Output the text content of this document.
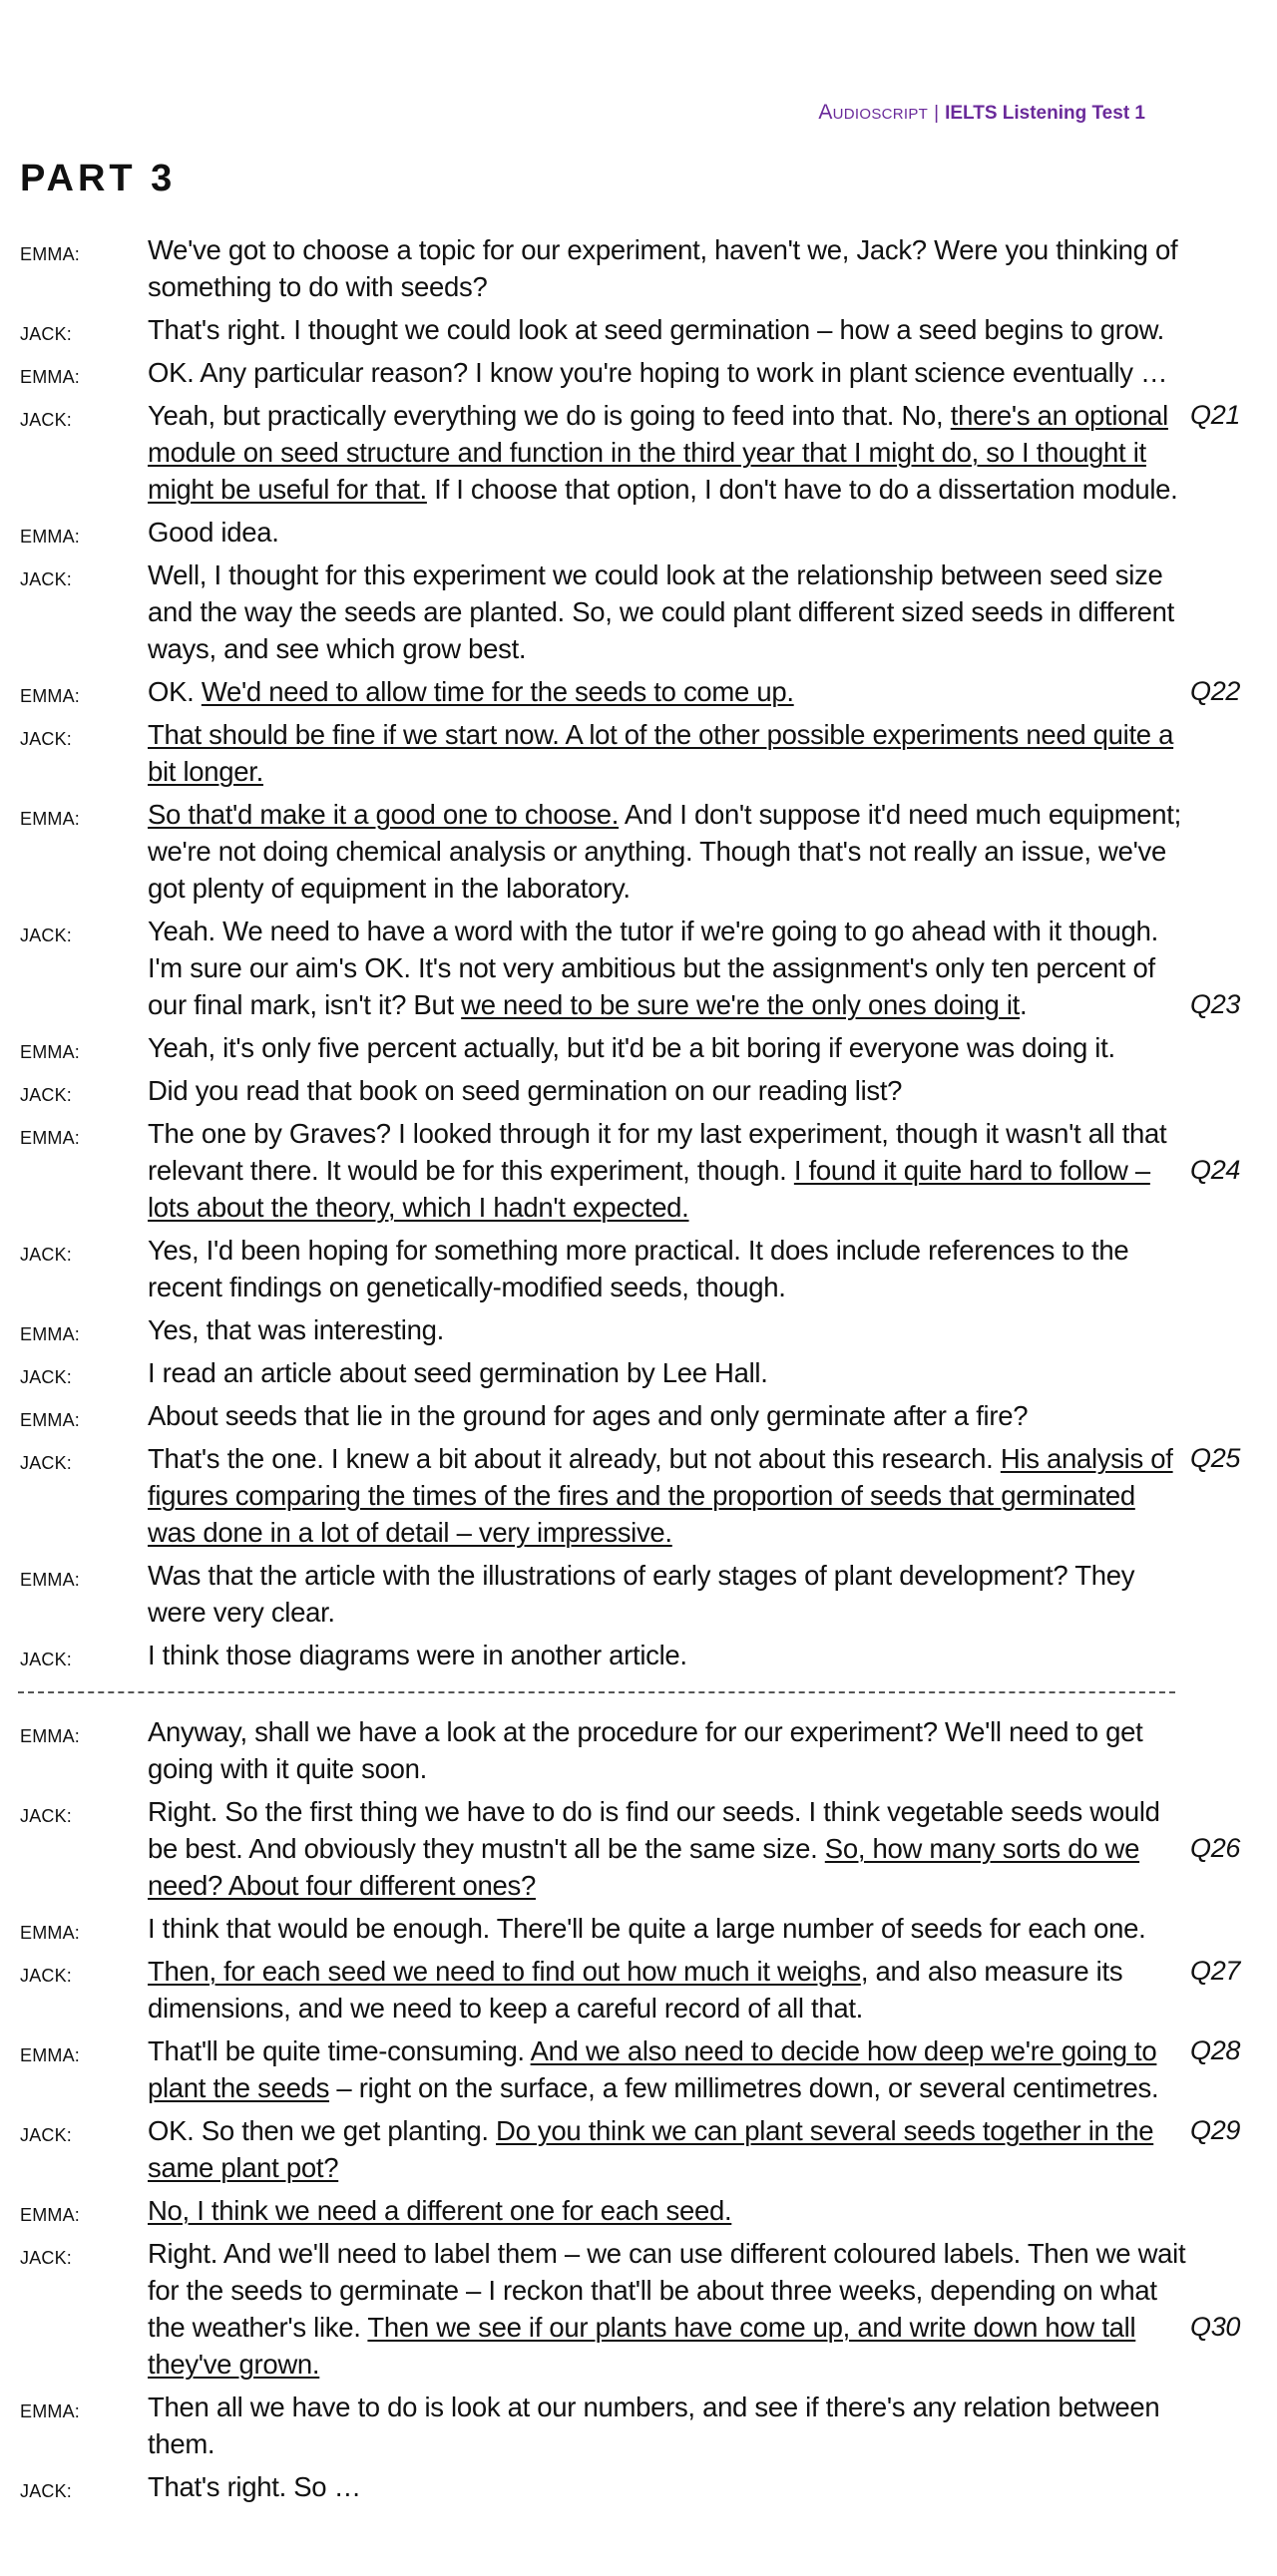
Audioscript | IELTS Listening Test 1
PART 3
EMMA: We've got to choose a topic for our experiment, haven't we, Jack? Were you thinking of something to do with seeds?
JACK:	That's right. I thought we could look at seed germination – how a seed begins to grow.
EMMA: OK. Any particular reason? I know you're hoping to work in plant science eventually …
JACK:	Yeah, but practically everything we do is going to feed into that. No, there's an optional module on seed structure and function in the third year that I might do, so I thought it might be useful for that. If I choose that option, I don't have to do a dissertation module.
Q21
EMMA: Good idea.
JACK:	Well, I thought for this experiment we could look at the relationship between seed size and the way the seeds are planted. So, we could plant different sized seeds in different ways, and see which grow best.
EMMA: OK. We'd need to allow time for the seeds to come up.	Q22
JACK:	That should be fine if we start now. A lot of the other possible experiments need quite a bit longer.
EMMA: So that'd make it a good one to choose. And I don't suppose it'd need much equipment; we're not doing chemical analysis or anything. Though that's not really an issue, we've got plenty of equipment in the laboratory.
JACK:	Yeah. We need to have a word with the tutor if we're going to go ahead with it though. I'm sure our aim's OK. It's not very ambitious but the assignment's only ten percent of our final mark, isn't it? But we need to be sure we're the only ones doing it.	Q23
EMMA: Yeah, it's only five percent actually, but it'd be a bit boring if everyone was doing it.
JACK:	Did you read that book on seed germination on our reading list?
EMMA: The one by Graves? I looked through it for my last experiment, though it wasn't all that relevant there. It would be for this experiment, though. I found it quite hard to follow – lots about the theory, which I hadn't expected.
Q24
JACK:	Yes, I'd been hoping for something more practical. It does include references to the recent findings on genetically-modified seeds, though.
EMMA: Yes, that was interesting.
JACK:	I read an article about seed germination by Lee Hall.
EMMA: About seeds that lie in the ground for ages and only germinate after a fire?
JACK:	That's the one. I knew a bit about it already, but not about this research. His analysis of figures comparing the times of the fires and the proportion of seeds that germinated was done in a lot of detail – very impressive.
Q25
EMMA: Was that the article with the illustrations of early stages of plant development? They were very clear.
JACK:	I think those diagrams were in another article.
EMMA: Anyway, shall we have a look at the procedure for our experiment? We'll need to get going with it quite soon.
JACK:	Right. So the first thing we have to do is find our seeds. I think vegetable seeds would be best. And obviously they mustn't all be the same size. So, how many sorts do we need? About four different ones?
Q26
EMMA: I think that would be enough. There'll be quite a large number of seeds for each one.
JACK:	Then, for each seed we need to find out how much it weighs, and also measure its dimensions, and we need to keep a careful record of all that.
Q27
EMMA: That'll be quite time-consuming. And we also need to decide how deep we're going to plant the seeds – right on the surface, a few millimetres down, or several centimetres.
Q28
JACK:	OK. So then we get planting. Do you think we can plant several seeds together in the same plant pot?
Q29
EMMA: No, I think we need a different one for each seed.
JACK:	Right. And we'll need to label them – we can use different coloured labels. Then we wait for the seeds to germinate – I reckon that'll be about three weeks, depending on what the weather's like. Then we see if our plants have come up, and write down how tall they've grown.
Q30
EMMA: Then all we have to do is look at our numbers, and see if there's any relation between them.
JACK:	That's right. So …
